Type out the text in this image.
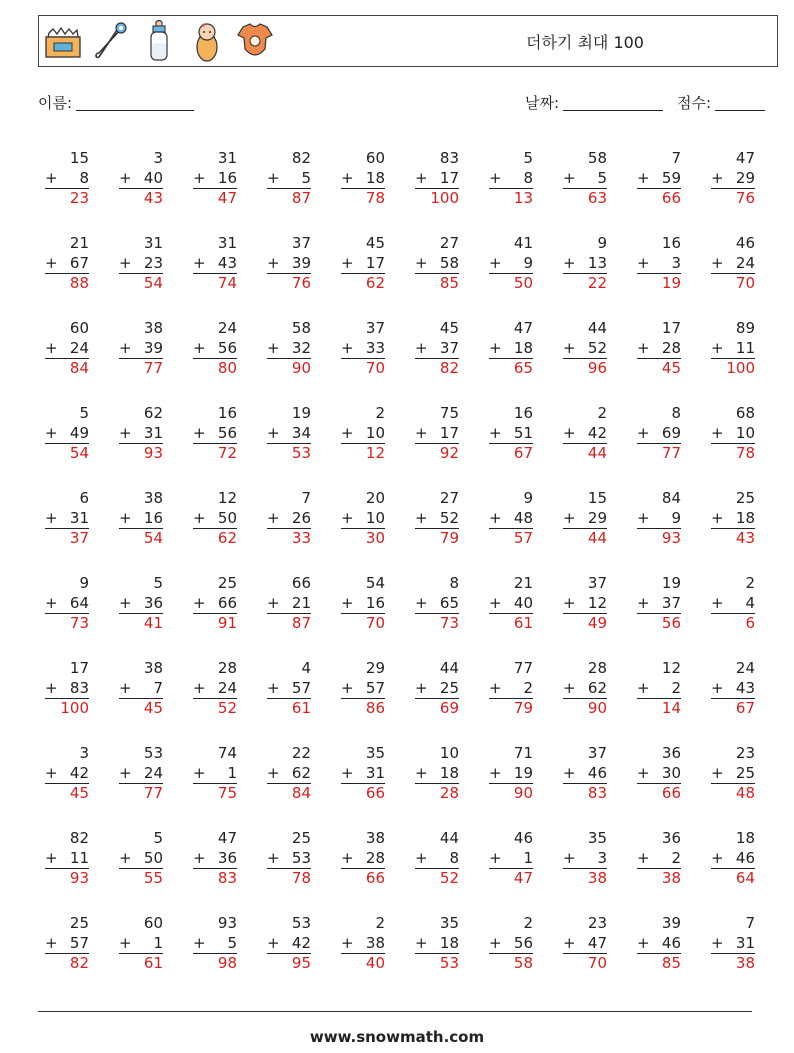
더하기 최대 100
이름:	날짜:	점수:
15
+ 8
23
3
+ 40
43
31
+ 16
47
82
+ 5
87
60
+ 18
78
83
+ 17
100
5
+ 8
13
58
+ 5
63
7
+ 59
66
47
+ 29
76
21
+ 67
88
31
+ 23
54
31
+ 43
74
37
+ 39
76
45
+ 17
62
27
+ 58
85
41
+ 9
50
9
+ 13
22
16
+ 3
19
46
+ 24
70
60
+ 24
84
38
+ 39
77
24
+ 56
80
58
+ 32
90
37
+ 33
70
45
+ 37
82
47
+ 18
65
44
+ 52
96
17
+ 28
45
89
+ 11
100
5
+ 49
54
62
+ 31
93
16
+ 56
72
19
+ 34
53
2
+ 10
12
75
+ 17
92
16
+ 51
67
2
+ 42
44
8
+ 69
77
68
+ 10
78
6
+ 31
37
38
+ 16
54
12
+ 50
62
7
+ 26
33
20
+ 10
30
27
+ 52
79
9
+ 48
57
15
+ 29
44
84
+ 9
93
25
+ 18
43
9
+ 64
73
5
+ 36
41
25
+ 66
91
66
+ 21
87
54
+ 16
70
8
+ 65
73
21
+ 40
61
37
+ 12
49
19
+ 37
56
2
+ 4
6
17
+ 83
100
38
+ 7
45
28
+ 24
52
4
+ 57
61
29
+ 57
86
44
+ 25
69
77
+ 2
79
28
+ 62
90
12
+ 2
14
24
+ 43
67
3
+ 42
45
53
+ 24
77
74
+ 1
75
22
+ 62
84
35
+ 31
66
10
+ 18
28
71
+ 19
90
37
+ 46
83
36
+ 30
66
23
+ 25
48
82
+ 11
93
5
+ 50
55
47
+ 36
83
25
+ 53
78
38
+ 28
66
44
+ 8
52
46
+ 1
47
35
+ 3
38
36
+ 2
38
18
+ 46
64
25
+ 57
82
60
+ 1
61
93
+ 5
98
53
+ 42
95
2
+ 38
40
35
+ 18
53
2
+ 56
58
23
+ 47
70
39
+ 46
85
7
+ 31
38
www.snowmath.com
